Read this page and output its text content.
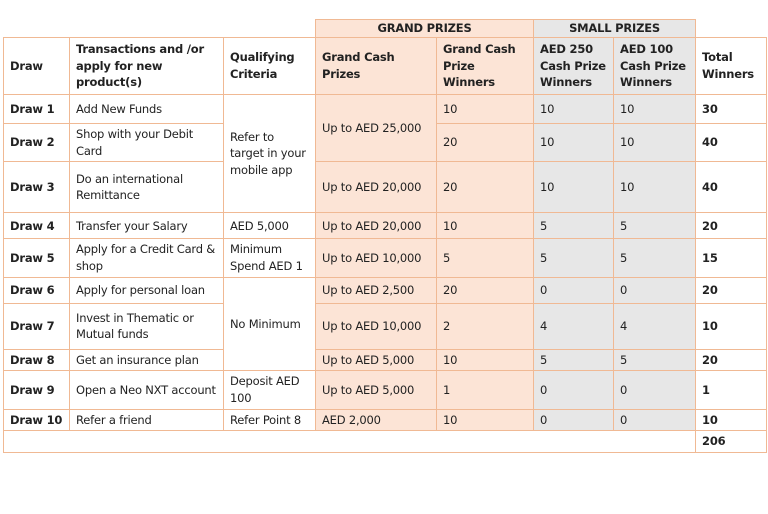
			GRAND PRIZES		SMALL PRIZES		
Draw	Transactions and /or apply for new product(s)	Qualifying Criteria	Grand Cash Prizes	Grand Cash Prize Winners	AED 250 Cash Prize Winners	AED 100 Cash Prize Winners	Total Winners
Draw 1	Add New Funds	Refer to target in your mobile app	Up to AED 25,000	10	10	10	30
Draw 2	Shop with your Debit Card			20	10	10	40
Draw 3	Do an international Remittance		Up to AED 20,000	20	10	10	40
Draw 4	Transfer your Salary	AED 5,000	Up to AED 20,000	10	5	5	20
Draw 5	Apply for a Credit Card & shop	Minimum Spend AED 1	Up to AED 10,000	5	5	5	15
Draw 6	Apply for personal loan	No Minimum	Up to AED 2,500	20	0	0	20
Draw 7	Invest in Thematic or Mutual funds		Up to AED 10,000	2	4	4	10
Draw 8	Get an insurance plan		Up to AED 5,000	10	5	5	20
Draw 9	Open a Neo NXT account	Deposit AED 100	Up to AED 5,000	1	0	0	1
Draw 10	Refer a friend	Refer Point 8	AED 2,000	10	0	0	10
							206
